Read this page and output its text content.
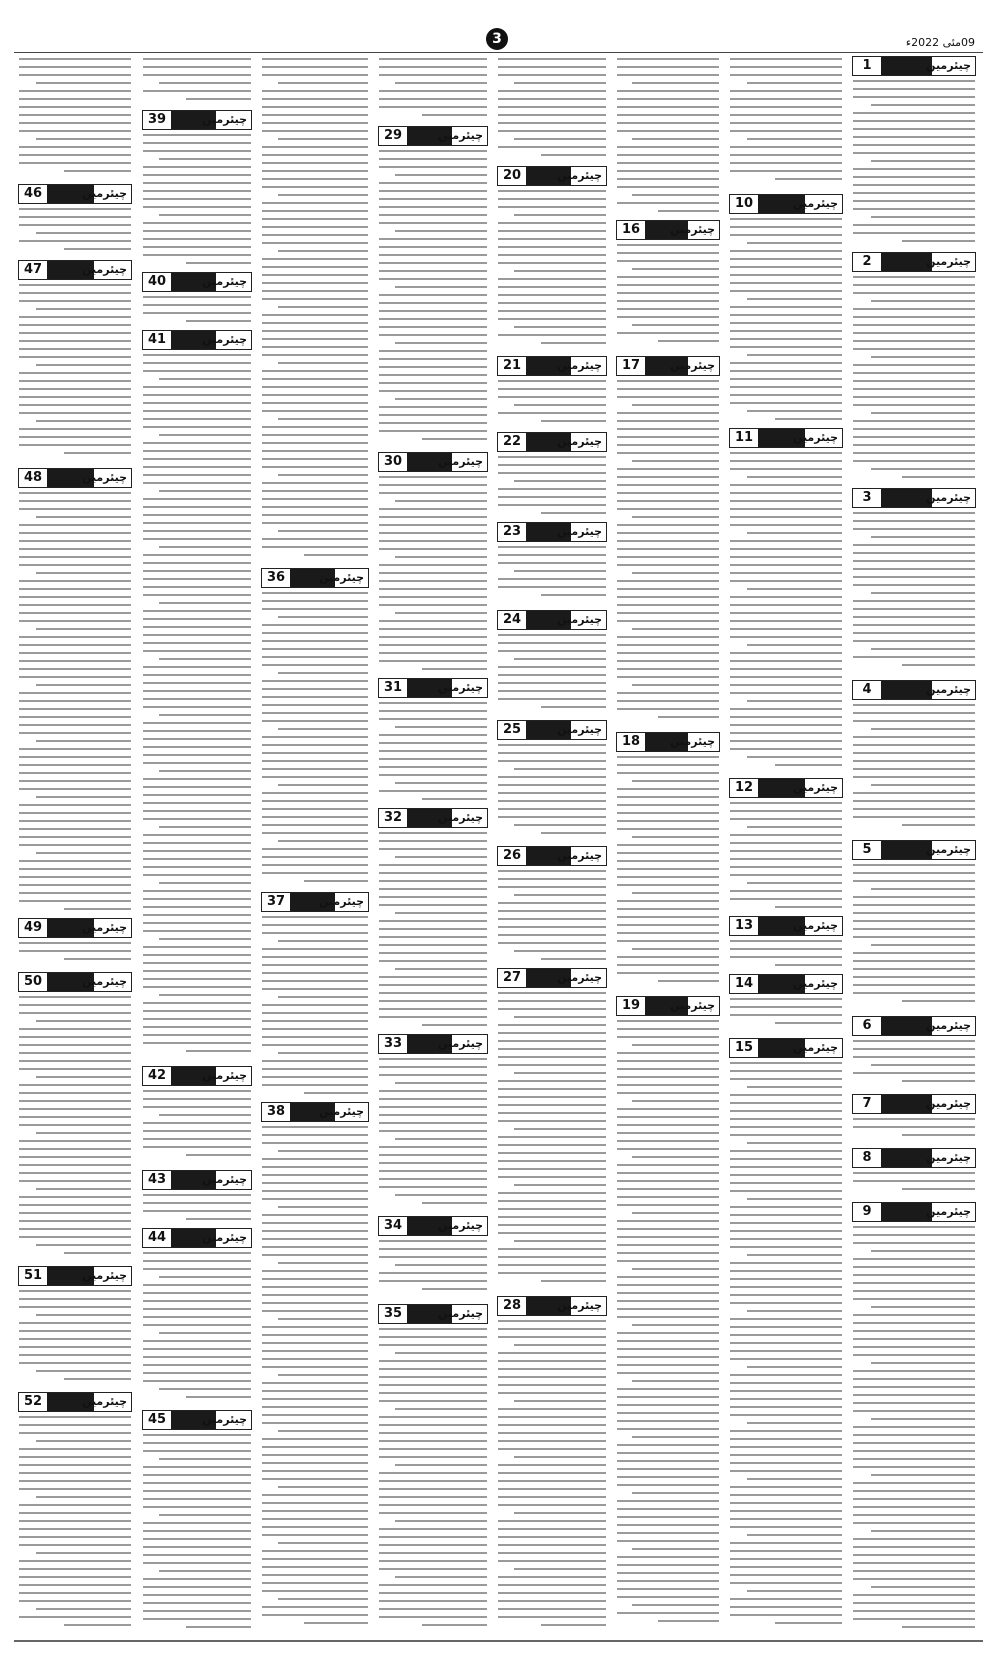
3	09مئی 2022ء
1	چیئرمین
2	چیئرمین
3	چیئرمین
4	چیئرمین
5	چیئرمین
6	چیئرمین
7	چیئرمین
8	چیئرمین
9	چیئرمین
10	چیئرمین
11	چیئرمین
12	چیئرمین
13	چیئرمین
14	چیئرمین
15	چیئرمین
16	چیئرمین
17	چیئرمین
18	چیئرمین
19	چیئرمین
20	چیئرمین
21	چیئرمین
22	چیئرمین
23	چیئرمین
24	چیئرمین
25	چیئرمین
26	چیئرمین
27	چیئرمین
28	چیئرمین
29	چیئرمین
30	چیئرمین
31	چیئرمین
32	چیئرمین
33	چیئرمین
34	چیئرمین
35	چیئرمین
36	چیئرمین
37	چیئرمین
38	چیئرمین
39	چیئرمین
40	چیئرمین
41	چیئرمین
42	چیئرمین
43	چیئرمین
44	چیئرمین
45	چیئرمین
46	چیئرمین
47	چیئرمین
48	چیئرمین
49	چیئرمین
50	چیئرمین
51	چیئرمین
52	چیئرمین
